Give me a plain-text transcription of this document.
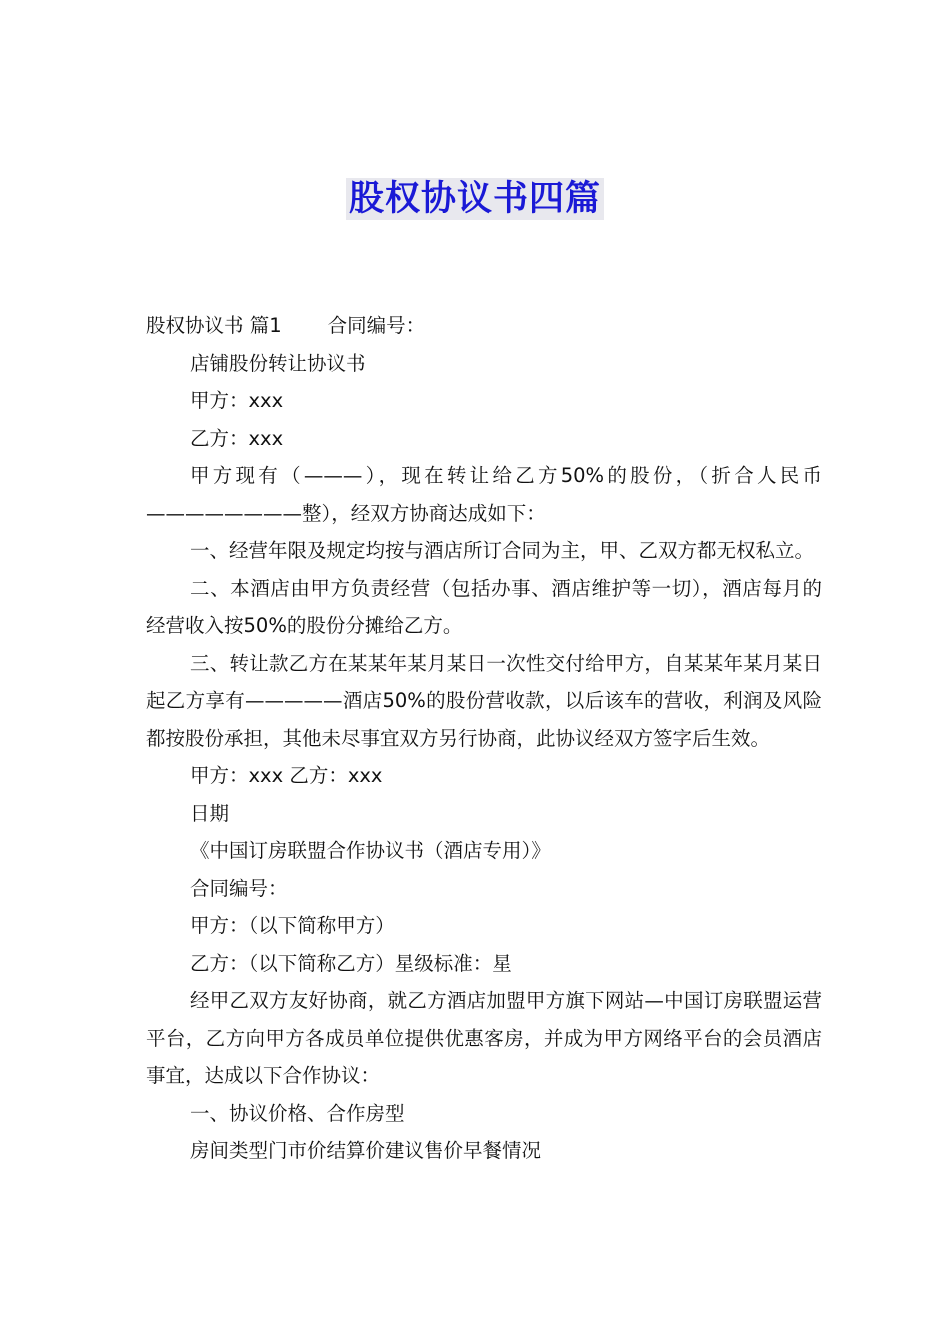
股权协议书四篇

股权协议书 篇1 合同编号：

店铺股份转让协议书

甲方：xxx

乙方：xxx

甲方现有（———），现在转让给乙方50%的股份，（折合人民币————————整），经双方协商达成如下：

一、经营年限及规定均按与酒店所订合同为主，甲、乙双方都无权私立。

二、本酒店由甲方负责经营（包括办事、酒店维护等一切），酒店每月的经营收入按50%的股份分摊给乙方。

三、转让款乙方在某某年某月某日一次性交付给甲方，自某某年某月某日起乙方享有—————酒店50%的股份营收款，以后该车的营收，利润及风险都按股份承担，其他未尽事宜双方另行协商，此协议经双方签字后生效。

甲方：xxx 乙方：xxx

日期

《中国订房联盟合作协议书（酒店专用）》

合同编号：

甲方：（以下简称甲方）

乙方：（以下简称乙方）星级标准：星

经甲乙双方友好协商，就乙方酒店加盟甲方旗下网站—中国订房联盟运营平台，乙方向甲方各成员单位提供优惠客房，并成为甲方网络平台的会员酒店事宜，达成以下合作协议：

一、协议价格、合作房型

房间类型门市价结算价建议售价早餐情况
